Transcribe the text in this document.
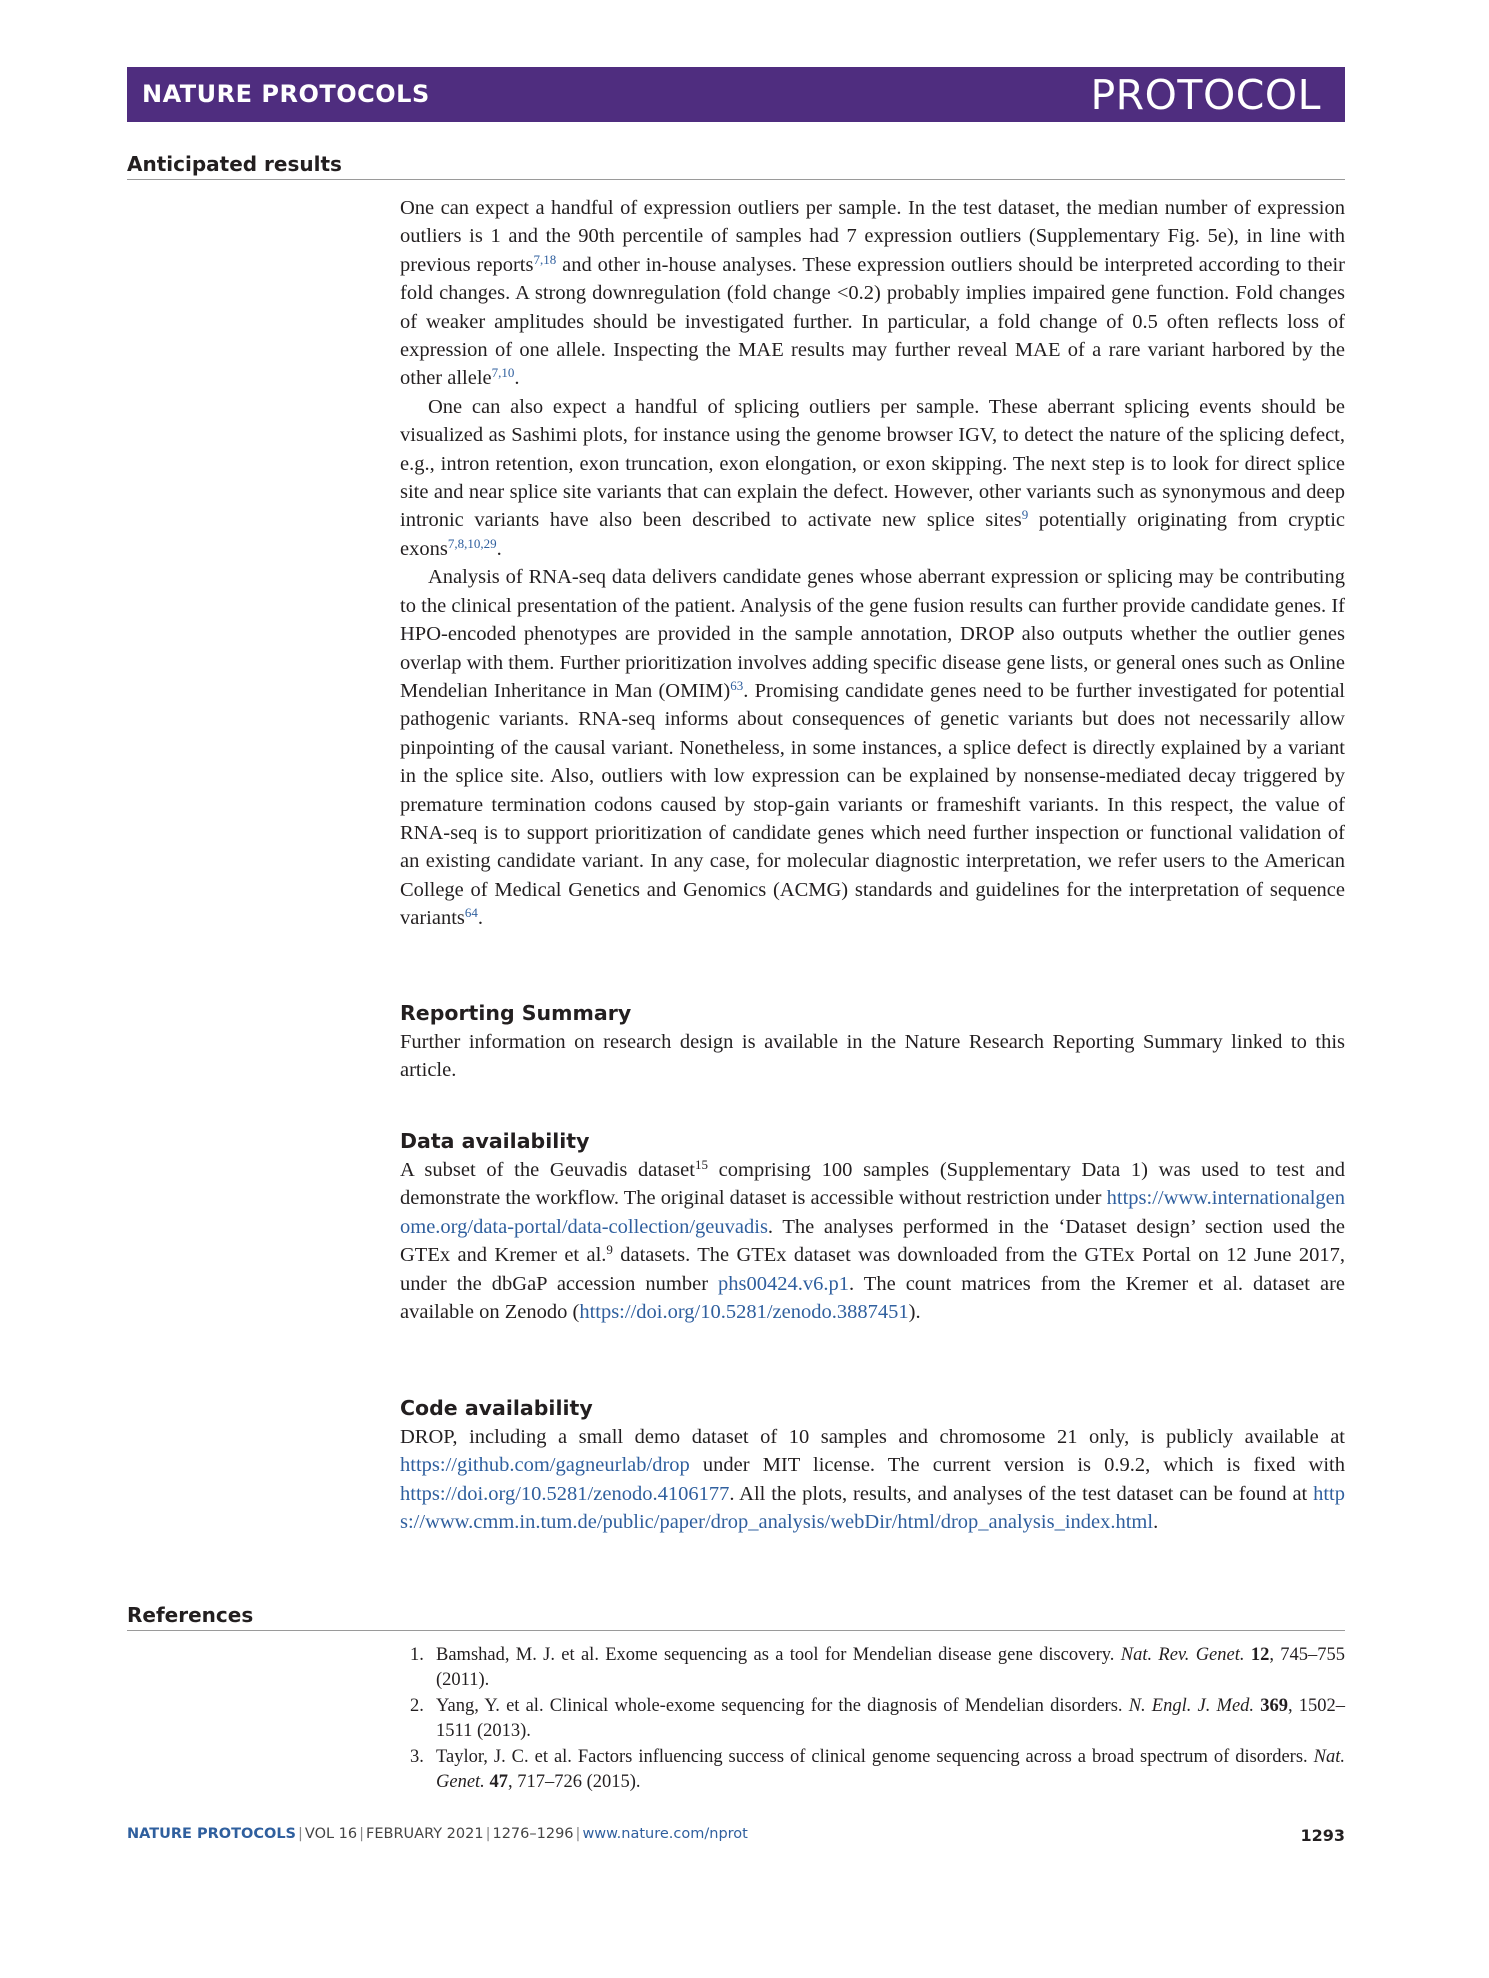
NATURE PROTOCOLS	PROTOCOL
Anticipated results

One can expect a handful of expression outliers per sample. In the test dataset, the median number of expression outliers is 1 and the 90th percentile of samples had 7 expression outliers (Supplementary Fig. 5e), in line with previous reports$^{7,18}$ and other in-house analyses. These expression outliers should be interpreted according to their fold changes. A strong downregulation (fold change <0.2) probably implies impaired gene function. Fold changes of weaker amplitudes should be investigated further. In particular, a fold change of 0.5 often reflects loss of expression of one allele. Inspecting the MAE results may further reveal MAE of a rare variant harbored by the other allele$^{7,10}$.

One can also expect a handful of splicing outliers per sample. These aberrant splicing events should be visualized as Sashimi plots, for instance using the genome browser IGV, to detect the nature of the splicing defect, e.g., intron retention, exon truncation, exon elongation, or exon skipping. The next step is to look for direct splice site and near splice site variants that can explain the defect. However, other variants such as synonymous and deep intronic variants have also been described to activate new splice sites$^9$ potentially originating from cryptic exons$^{7,8,10,29}$.

Analysis of RNA-seq data delivers candidate genes whose aberrant expression or splicing may be contributing to the clinical presentation of the patient. Analysis of the gene fusion results can further provide candidate genes. If HPO-encoded phenotypes are provided in the sample annotation, DROP also outputs whether the outlier genes overlap with them. Further prioritization involves adding specific disease gene lists, or general ones such as Online Mendelian Inheritance in Man (OMIM)$^{63}$. Promising candidate genes need to be further investigated for potential pathogenic variants. RNA-seq informs about consequences of genetic variants but does not necessarily allow pinpointing of the causal variant. Nonetheless, in some instances, a splice defect is directly explained by a variant in the splice site. Also, outliers with low expression can be explained by nonsense-mediated decay triggered by premature termination codons caused by stop-gain variants or frameshift variants. In this respect, the value of RNA-seq is to support prioritization of candidate genes which need further inspection or functional validation of an existing candidate variant. In any case, for molecular diagnostic interpretation, we refer users to the American College of Medical Genetics and Genomics (ACMG) standards and guidelines for the interpretation of sequence variants$^{64}$.

Reporting Summary

Further information on research design is available in the Nature Research Reporting Summary linked to this article.

Data availability

A subset of the Geuvadis dataset$^{15}$ comprising 100 samples (Supplementary Data 1) was used to test and demonstrate the workflow. The original dataset is accessible without restriction under https://www.internationalgenome.org/data-portal/data-collection/geuvadis. The analyses performed in the ‘Dataset design’ section used the GTEx and Kremer et al.$^9$ datasets. The GTEx dataset was downloaded from the GTEx Portal on 12 June 2017, under the dbGaP accession number phs00424.v6.p1. The count matrices from the Kremer et al. dataset are available on Zenodo (https://doi.org/10.5281/zenodo.3887451).

Code availability

DROP, including a small demo dataset of 10 samples and chromosome 21 only, is publicly available at https://github.com/gagneurlab/drop under MIT license. The current version is 0.9.2, which is fixed with https://doi.org/10.5281/zenodo.4106177. All the plots, results, and analyses of the test dataset can be found at https://www.cmm.in.tum.de/public/paper/drop_analysis/webDir/html/drop_analysis_index.html.

References
1. Bamshad, M. J. et al. Exome sequencing as a tool for Mendelian disease gene discovery. Nat. Rev. Genet. 12, 745–755 (2011).
2. Yang, Y. et al. Clinical whole-exome sequencing for the diagnosis of Mendelian disorders. N. Engl. J. Med. 369, 1502–1511 (2013).
3. Taylor, J. C. et al. Factors influencing success of clinical genome sequencing across a broad spectrum of disorders. Nat. Genet. 47, 717–726 (2015).
NATURE PROTOCOLS | VOL 16 | FEBRUARY 2021 | 1276–1296 | www.nature.com/nprot	1293
